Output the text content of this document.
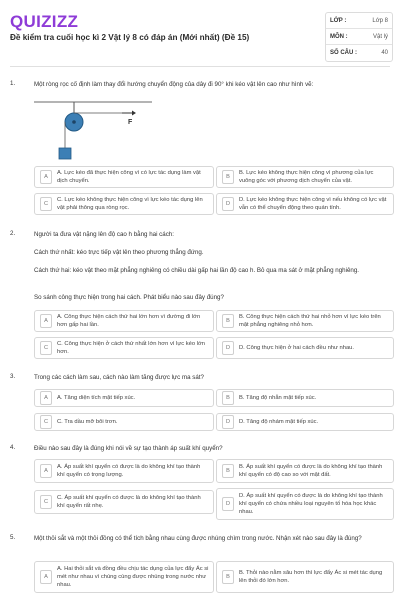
QUIZIZZ
Đề kiểm tra cuối học kì 2 Vật lý 8 có đáp án (Mới nhất) (Đề 15)
LỚP :	Lớp 8
MÔN :	Vật lý
SỐ CÂU :	40
1.	Một ròng rọc cố định làm thay đổi hướng chuyển động của dây đi 90° khi kéo vật lên cao như hình vẽ:
F
A
A. Lực kéo đã thực hiện công vì có lực tác dụng làm vật dịch chuyển.
B
B. Lực kéo không thực hiện công vì phương của lực vuông góc với phương dịch chuyển của vật.
C
C. Lực kéo không thực hiện công vì lực kéo tác dụng lên vật phải thông qua ròng rọc.
D
D. Lực kéo không thực hiện công vì nếu không có lực vật vẫn có thể chuyển động theo quán tính.
2.	Người ta đưa vật nặng lên độ cao h bằng hai cách:
Cách thứ nhất: kéo trực tiếp vật lên theo phương thẳng đứng.
Cách thứ hai: kéo vật theo mặt phẳng nghiêng có chiều dài gấp hai lần độ cao h. Bỏ qua ma sát ở mặt phẳng nghiêng.
So sánh công thực hiện trong hai cách. Phát biểu nào sau đây đúng?
A
A. Công thực hiện cách thứ hai lớn hơn vì đường đi lớn hơn gấp hai lần.
B
B. Công thực hiện cách thứ hai nhỏ hơn vì lực kéo trên mặt phẳng nghiêng nhỏ hơn.
C
C. Công thực hiện ở cách thứ nhất lớn hơn vì lực kéo lớn hơn.
D	D. Công thực hiện ở hai cách đều như nhau.
3.	Trong các cách làm sau, cách nào làm tăng được lực ma sát?
A	A. Tăng diện tích mặt tiếp xúc.	B	B. Tăng độ nhẵn mặt tiếp xúc.
C	C. Tra dầu mỡ bôi trơn.	D	D. Tăng độ nhám mặt tiếp xúc.
4.	Điều nào sau đây là đúng khi nói về sự tạo thành áp suất khí quyển?
A
A. Áp suất khí quyển có được là do không khí tạo thành khí quyển có trọng lượng.
B
B. Áp suất khí quyển có được là do không khí tạo thành khí quyển có độ cao so với mặt đất.
C
C. Áp suất khí quyển có được là do không khí tạo thành khí quyển rất nhẹ.	D
D. Áp suất khí quyển có được là do không khí tạo thành khí quyển có chứa nhiều loại nguyên tố hóa học khác nhau.
5.	Một thỏi sắt và một thỏi đồng có thể tích bằng nhau cùng được nhúng chìm trong nước. Nhận xét nào sau đây là đúng?
A
A. Hai thỏi sắt và đồng đều chịu tác dụng của lực đẩy Ác si mét như nhau vì chúng cùng được nhúng trong nước như nhau.
B
B. Thỏi nào nằm sâu hơn thì lực đẩy Ác si mét tác dụng lên thỏi đó lớn hơn.
